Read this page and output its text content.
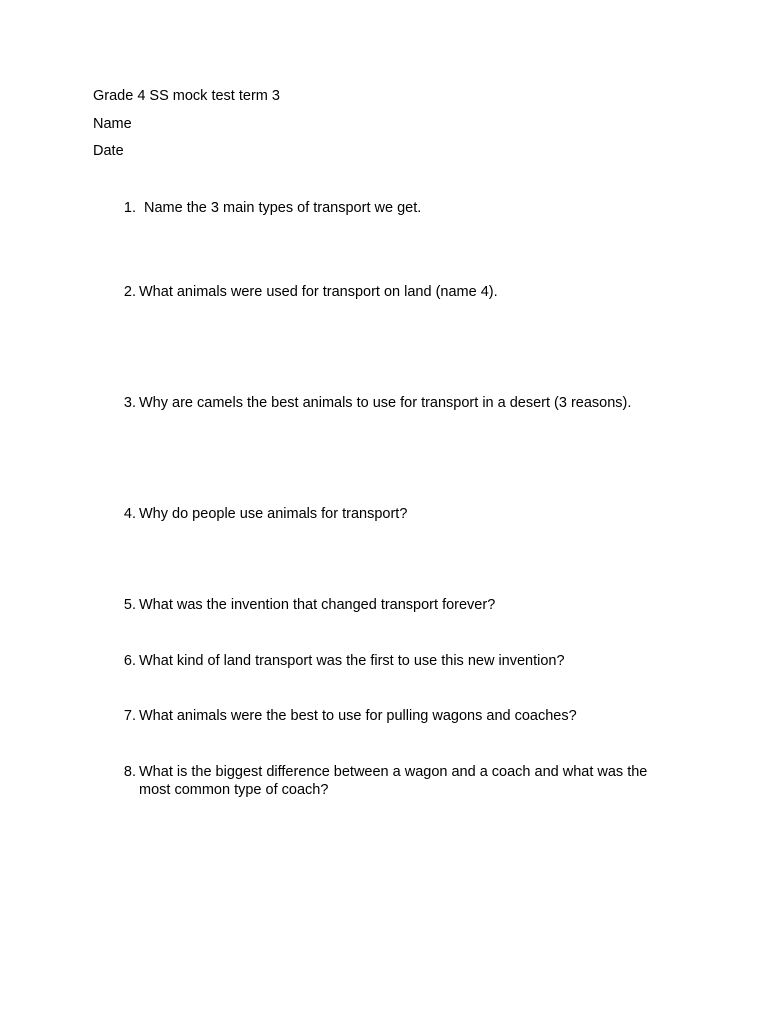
Grade 4 SS mock test term 3
Name
Date
1. Name the 3 main types of transport we get.
2. What animals were used for transport on land (name 4).
3. Why are camels the best animals to use for transport in a desert (3 reasons).
4. Why do people use animals for transport?
5. What was the invention that changed transport forever?
6. What kind of land transport was the first to use this new invention?
7. What animals were the best to use for pulling wagons and coaches?
8. What is the biggest difference between a wagon and a coach and what was the most common type of coach?
